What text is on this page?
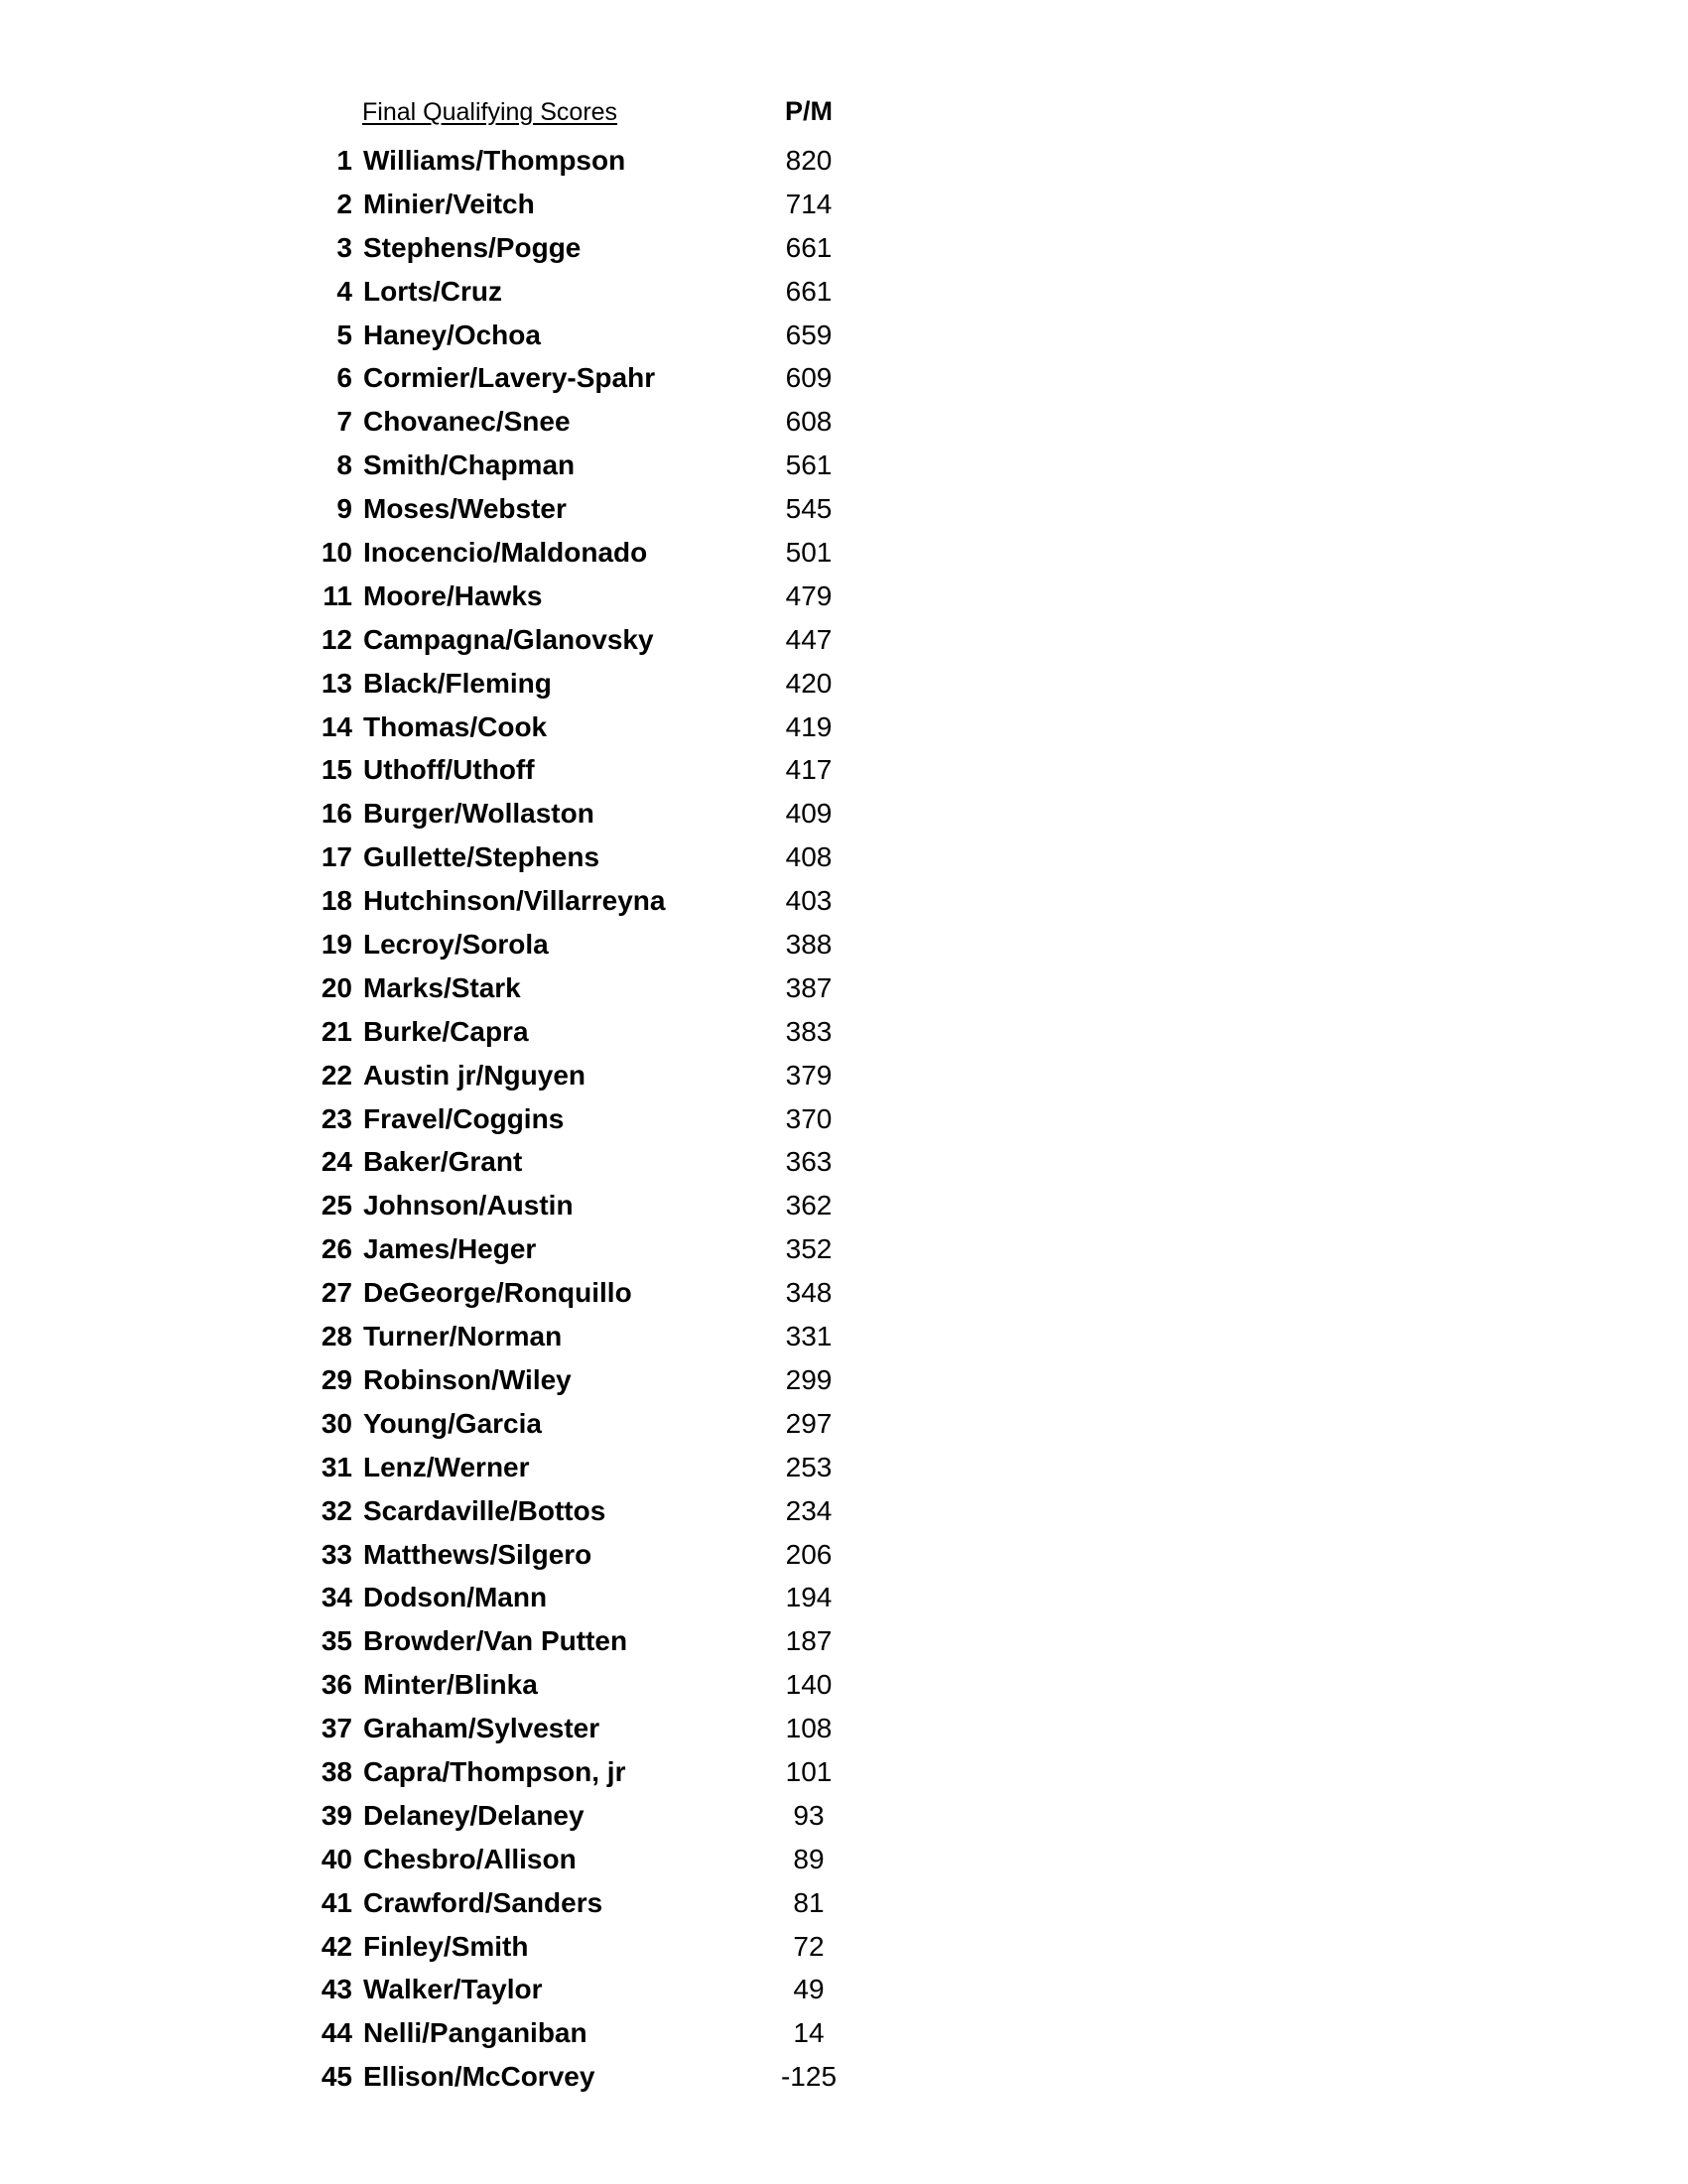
Final Qualifying Scores	P/M
1 Williams/Thompson	820
2 Minier/Veitch	714
3 Stephens/Pogge	661
4 Lorts/Cruz	661
5 Haney/Ochoa	659
6 Cormier/Lavery-Spahr	609
7 Chovanec/Snee	608
8 Smith/Chapman	561
9 Moses/Webster	545
10 Inocencio/Maldonado	501
11 Moore/Hawks	479
12 Campagna/Glanovsky	447
13 Black/Fleming	420
14 Thomas/Cook	419
15 Uthoff/Uthoff	417
16 Burger/Wollaston	409
17 Gullette/Stephens	408
18 Hutchinson/Villarreyna	403
19 Lecroy/Sorola	388
20 Marks/Stark	387
21 Burke/Capra	383
22 Austin jr/Nguyen	379
23 Fravel/Coggins	370
24 Baker/Grant	363
25 Johnson/Austin	362
26 James/Heger	352
27 DeGeorge/Ronquillo	348
28 Turner/Norman	331
29 Robinson/Wiley	299
30 Young/Garcia	297
31 Lenz/Werner	253
32 Scardaville/Bottos	234
33 Matthews/Silgero	206
34 Dodson/Mann	194
35 Browder/Van Putten	187
36 Minter/Blinka	140
37 Graham/Sylvester	108
38 Capra/Thompson, jr	101
39 Delaney/Delaney	93
40 Chesbro/Allison	89
41 Crawford/Sanders	81
42 Finley/Smith	72
43 Walker/Taylor	49
44 Nelli/Panganiban	14
45 Ellison/McCorvey	-125
